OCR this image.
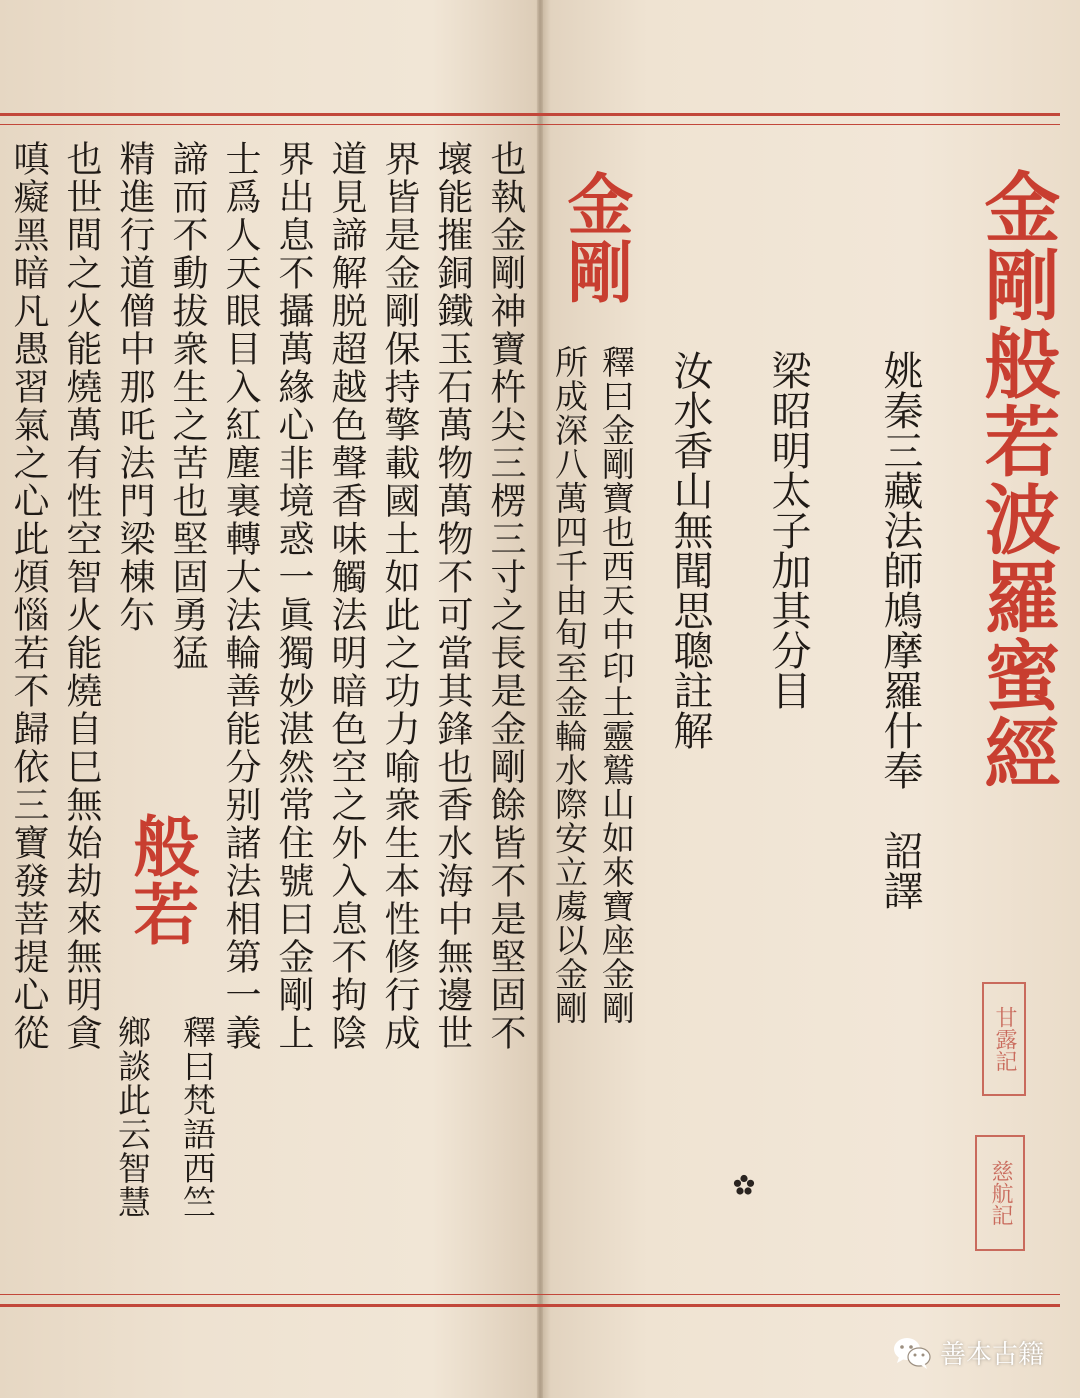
金剛般若波羅蜜經
姚秦三藏法師鳩摩羅什奉　詔譯
梁昭明太子加其分目
汝水香山無聞思聰註解
甘露記
慈航記
金剛
釋曰金剛寶也西天中印土靈鷲山如來寶座金剛
所成深八萬四千由旬至金輪水際安立䖏以金剛
也執金剛神寶杵尖三楞三寸之長是金剛餘皆不是堅固不
壞能摧銅鐵玉石萬物萬物不可當其鋒也香水海中無邊世
界皆是金剛保持擎載國土如此之功力喻衆生本性修行成
道見諦解脱超越色聲香味觸法明暗色空之外入息不拘陰
界出息不攝萬緣心非境惑一眞獨妙湛然常住號曰金剛上
士爲人天眼目入紅塵裏轉大法輪善能分别諸法相第一義
諦而不動拔衆生之苦也堅固勇猛
精進行道僧中那吒法門梁棟尓
也世間之火能燒萬有性空智火能燒自巳無始劫來無明貪
嗔癡黑暗凡愚習氣之心此煩惱若不歸依三寶發菩提心從 般若
釋曰梵語西竺
鄉談此云智慧
善本古籍
